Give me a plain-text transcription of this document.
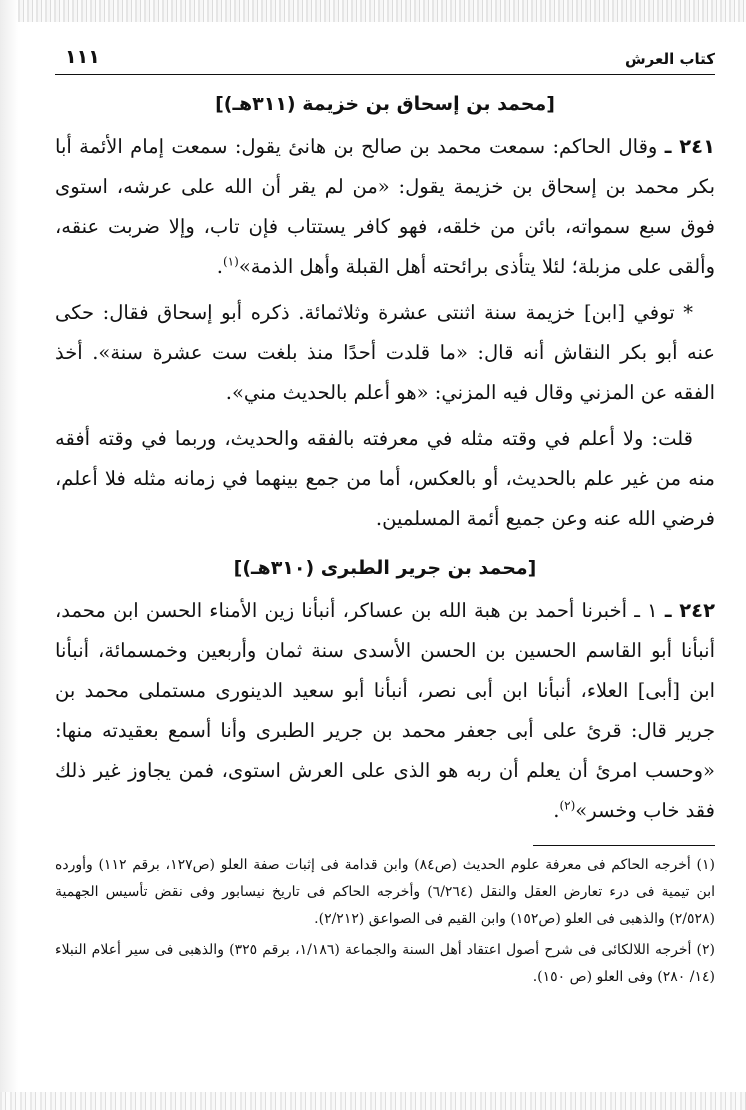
كتاب العرش
١١١
[محمد بن إسحاق بن خزيمة (٣١١هـ)]

٢٤١ ـ وقال الحاكم: سمعت محمد بن صالح بن هانئ يقول: سمعت إمام الأئمة أبا بكر محمد بن إسحاق بن خزيمة يقول: «من لم يقر أن الله على عرشه، استوى فوق سبع سمواته، بائن من خلقه، فهو كافر يستتاب فإن تاب، وإلا ضربت عنقه، وألقى على مزبلة؛ لئلا يتأذى برائحته أهل القبلة وأهل الذمة»$^{(١)}$.

* توفي [ابن] خزيمة سنة اثنتى عشرة وثلاثمائة. ذكره أبو إسحاق فقال: حكى عنه أبو بكر النقاش أنه قال: «ما قلدت أحدًا منذ بلغت ست عشرة سنة». أخذ الفقه عن المزني وقال فيه المزني: «هو أعلم بالحديث مني».

قلت: ولا أعلم في وقته مثله في معرفته بالفقه والحديث، وربما في وقته أفقه منه من غير علم بالحديث، أو بالعكس، أما من جمع بينهما في زمانه مثله فلا أعلم، فرضي الله عنه وعن جميع أئمة المسلمين.

[محمد بن جرير الطبرى (٣١٠هـ)]

٢٤٢ ـ ١ ـ أخبرنا أحمد بن هبة الله بن عساكر، أنبأنا زين الأمناء الحسن ابن محمد، أنبأنا أبو القاسم الحسين بن الحسن الأسدى سنة ثمان وأربعين وخمسمائة، أنبأنا ابن [أبى] العلاء، أنبأنا ابن أبى نصر، أنبأنا أبو سعيد الدينورى مستملى محمد بن جرير قال: قرئ على أبى جعفر محمد بن جرير الطبرى وأنا أسمع بعقيدته منها: «وحسب امرئ أن يعلم أن ربه هو الذى على العرش استوى، فمن يجاوز غير ذلك فقد خاب وخسر»$^{(٢)}$.

(١) أخرجه الحاكم فى معرفة علوم الحديث (ص٨٤) وابن قدامة فى إثبات صفة العلو (ص١٢٧، برقم ١١٢) وأورده ابن تيمية فى درء تعارض العقل والنقل (٦/٢٦٤) وأخرجه الحاكم فى تاريخ نيسابور وفى نقض تأسيس الجهمية (٢/٥٢٨) والذهبى فى العلو (ص١٥٢) وابن القيم فى الصواعق (٢/٢١٢).

(٢) أخرجه اللالكائى فى شرح أصول اعتقاد أهل السنة والجماعة (١/١٨٦، برقم ٣٢٥) والذهبى فى سير أعلام النبلاء (١٤/ ٢٨٠) وفى العلو (ص ١٥٠).
